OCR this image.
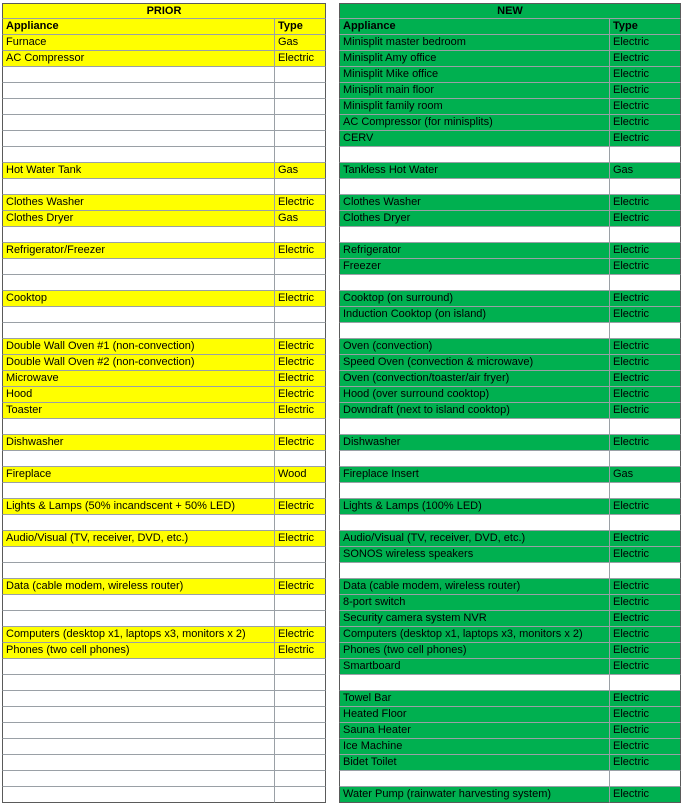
PRIOR
Appliance	Type
Furnace	Gas
AC Compressor	Electric
Hot Water Tank	Gas
Clothes Washer	Electric
Clothes Dryer	Gas
Refrigerator/Freezer	Electric
Cooktop	Electric
Double Wall Oven #1 (non-convection)	Electric
Double Wall Oven #2 (non-convection)	Electric
Microwave	Electric
Hood	Electric
Toaster	Electric
Dishwasher	Electric
Fireplace	Wood
Lights & Lamps (50% incandscent + 50% LED)	Electric
Audio/Visual (TV, receiver, DVD, etc.)	Electric
Data (cable modem, wireless router)	Electric
Computers (desktop x1, laptops x3, monitors x 2)	Electric
Phones (two cell phones)	Electric
NEW
Appliance	Type
Minisplit master bedroom	Electric
Minisplit Amy office	Electric
Minisplit Mike office	Electric
Minisplit main floor	Electric
Minisplit family room	Electric
AC Compressor (for minisplits)	Electric
CERV	Electric
Tankless Hot Water	Gas
Clothes Washer	Electric
Clothes Dryer	Electric
Refrigerator	Electric
Freezer	Electric
Cooktop (on surround)	Electric
Induction Cooktop (on island)	Electric
Oven (convection)	Electric
Speed Oven (convection & microwave)	Electric
Oven (convection/toaster/air fryer)	Electric
Hood (over surround cooktop)	Electric
Downdraft (next to island cooktop)	Electric
Dishwasher	Electric
Fireplace Insert	Gas
Lights & Lamps (100% LED)	Electric
Audio/Visual (TV, receiver, DVD, etc.)	Electric
SONOS wireless speakers	Electric
Data (cable modem, wireless router)	Electric
8-port switch	Electric
Security camera system NVR	Electric
Computers (desktop x1, laptops x3, monitors x 2)	Electric
Phones (two cell phones)	Electric
Smartboard	Electric
Towel Bar	Electric
Heated Floor	Electric
Sauna Heater	Electric
Ice Machine	Electric
Bidet Toilet	Electric
Water Pump (rainwater harvesting system)	Electric
